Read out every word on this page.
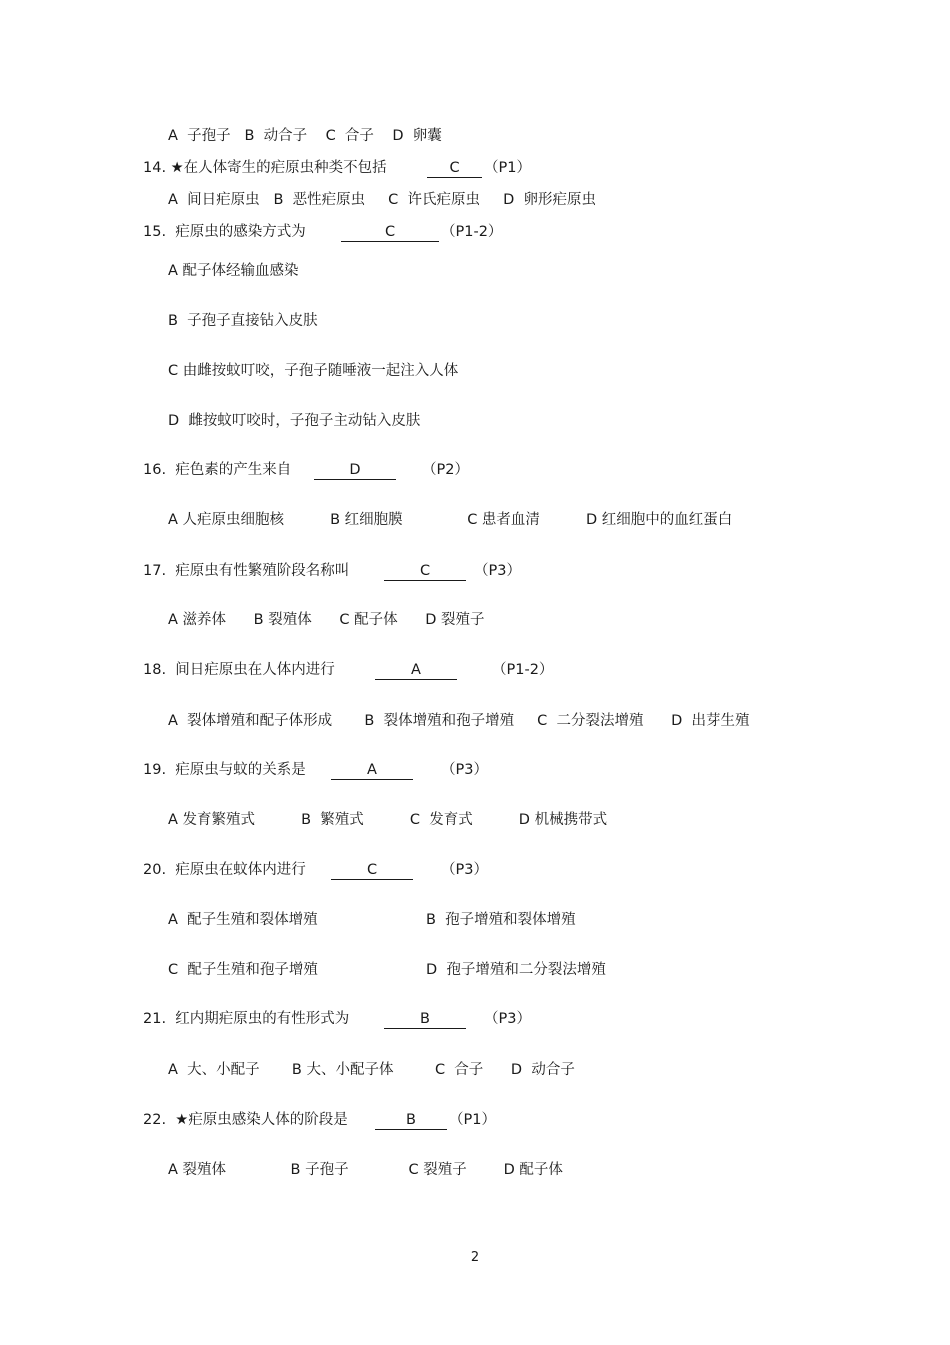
A  子孢子   B  动合子    C  合子    D  卵囊
14. ★在人体寄生的疟原虫种类不包括	C	（P1）
A  间日疟原虫   B  恶性疟原虫     C  许氏疟原虫     D  卵形疟原虫
15.  疟原虫的感染方式为	C	（P1-2）
A 配子体经输血感染
B  子孢子直接钻入皮肤
C 由雌按蚊叮咬，子孢子随唾液一起注入人体
D  雌按蚊叮咬时，子孢子主动钻入皮肤
16.  疟色素的产生来自	D	（P2）
A 人疟原虫细胞核          B 红细胞膜              C 患者血清          D 红细胞中的血红蛋白
17.  疟原虫有性繁殖阶段名称叫	C	（P3）
A 滋养体      B 裂殖体      C 配子体      D 裂殖子
18.  间日疟原虫在人体内进行	A	（P1-2）
A  裂体增殖和配子体形成       B  裂体增殖和孢子增殖     C  二分裂法增殖      D  出芽生殖
19.  疟原虫与蚊的关系是	A	（P3）
A 发育繁殖式          B  繁殖式          C  发育式          D 机械携带式
20.  疟原虫在蚊体内进行	C	（P3）
A  配子生殖和裂体增殖	B  孢子增殖和裂体增殖
C  配子生殖和孢子增殖	D  孢子增殖和二分裂法增殖
21.  红内期疟原虫的有性形式为	B	（P3）
A  大、小配子       B 大、小配子体         C  合子      D  动合子
22.  ★疟原虫感染人体的阶段是	B	（P1）
A 裂殖体              B 子孢子             C 裂殖子        D 配子体
2
